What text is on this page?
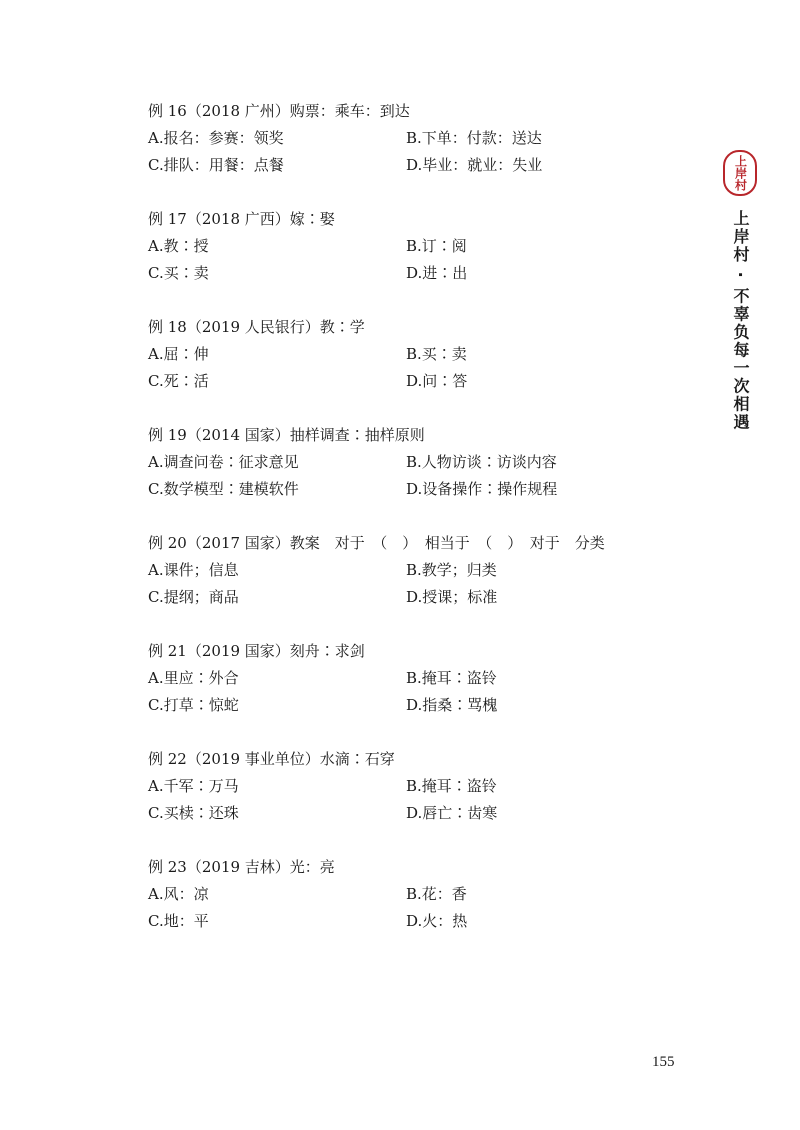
例 16（2018 广州）购票：乘车：到达
A.报名：参赛：领奖	B.下单：付款：送达
C.排队：用餐：点餐	D.毕业：就业：失业
例 17（2018 广西）嫁∶娶
A.教∶授	B.订∶阅
C.买∶卖	D.进∶出
例 18（2019 人民银行）教∶学
A.屈∶伸	B.买∶卖
C.死∶活	D.问∶答
例 19（2014 国家）抽样调查∶抽样原则
A.调查问卷∶征求意见	B.人物访谈∶访谈内容
C.数学模型∶建模软件	D.设备操作∶操作规程
例 20（2017 国家）教案　对于　（　）　相当于　（　）　对于　分类
A.课件；信息	B.教学；归类
C.提纲；商品	D.授课；标准
例 21（2019 国家）刻舟∶求剑
A.里应∶外合	B.掩耳∶盗铃
C.打草∶惊蛇	D.指桑∶骂槐
例 22（2019 事业单位）水滴∶石穿
A.千军∶万马	B.掩耳∶盗铃
C.买椟∶还珠	D.唇亡∶齿寒
例 23（2019 吉林）光：亮
A.风：凉	B.花：香
C.地：平	D.火：热
上岸村
上岸村 · 不辜负每一次相遇
155
